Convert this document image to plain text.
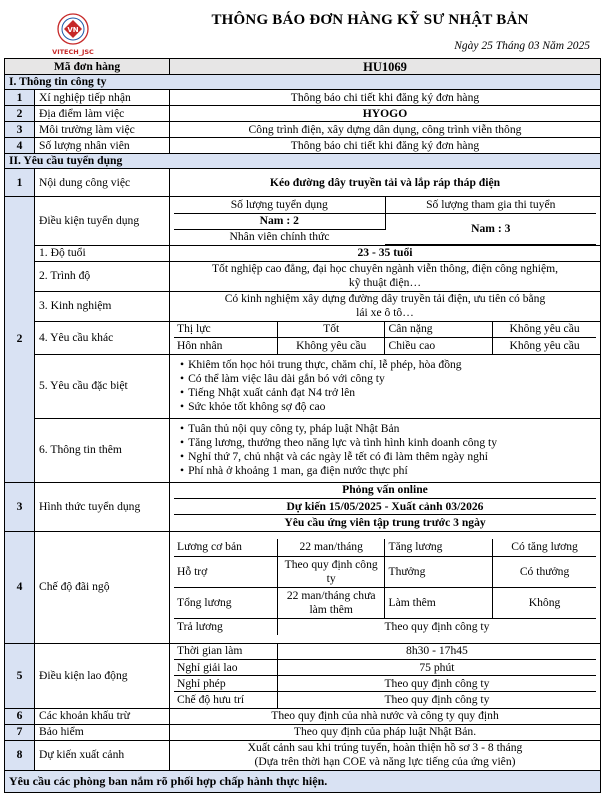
VN
VITECH_JSC
THÔNG BÁO ĐƠN HÀNG KỸ SƯ NHẬT BẢN
Ngày 25 Tháng 03 Năm 2025
Mã đơn hàng	HU1069
I. Thông tin công ty
1	Xí nghiệp tiếp nhận	Thông báo chi tiết khi đăng ký đơn hàng
2	Địa điểm làm việc	HYOGO
3	Môi trường làm việc	Công trình điện, xây dựng dân dụng, công trình viễn thông
4	Số lượng nhân viên	Thông báo chi tiết khi đăng ký đơn hàng
II. Yêu cầu tuyển dụng
1	Nội dung công việc	Kéo đường dây truyền tải và lắp ráp tháp điện
2	Điều kiện tuyển dụng	
Số lượng tuyển dụng	Số lượng tham gia thi tuyển
Nam : 2	Nam : 3
Nhân viên chính thức

1. Độ tuổi	23 - 35 tuổi
2. Trình độ	Tốt nghiệp cao đẳng, đại học chuyên ngành viễn thông, điện công nghiệm, kỹ thuật điện…
3. Kinh nghiệm	Có kinh nghiệm xây dựng đường dây truyền tải điện, ưu tiên có bằng lái xe ô tô…
4. Yêu cầu khác	
Thị lực	Tốt	Cân nặng	Không yêu cầu
Hôn nhân	Không yêu cầu	Chiều cao	Không yêu cầu

5. Yêu cầu đặc biệt	
• Khiêm tốn học hỏi trung thực, chăm chỉ, lễ phép, hòa đồng
• Có thể làm việc lâu dài gắn bó với công ty
• Tiếng Nhật xuất cảnh đạt N4 trở lên
• Sức khỏe tốt không sợ độ cao

6. Thông tin thêm	
• Tuân thủ nội quy công ty, pháp luật Nhật Bản
• Tăng lương, thưởng theo năng lực và tình hình kinh doanh công ty
• Nghỉ thứ 7, chủ nhật và các ngày lễ tết có đi làm thêm ngày nghỉ
• Phí nhà ở khoảng 1 man, ga điện nước thực phí

3	Hình thức tuyển dụng	
Phỏng vấn online
Dự kiến 15/05/2025 - Xuất cảnh 03/2026
Yêu cầu ứng viên tập trung trước 3 ngày

4	Chế độ đãi ngộ	
Lương cơ bản	22 man/tháng	Tăng lương	Có tăng lương
Hỗ trợ	Theo quy định công ty	Thưởng	Có thưởng
Tổng lương	22 man/tháng chưa làm thêm	Làm thêm	Không
Trả lương	Theo quy định công ty

5	Điều kiện lao động	
Thời gian làm	8h30 - 17h45
Nghỉ giải lao	75 phút
Nghỉ phép	Theo quy định công ty
Chế độ hưu trí	Theo quy định công ty

6	Các khoản khấu trừ	Theo quy định của nhà nước và công ty quy định
7	Bảo hiểm	Theo quy định của pháp luật Nhật Bản.
8	Dự kiến xuất cảnh	
Xuất cảnh sau khi trúng tuyển, hoàn thiện hồ sơ 3 - 8 tháng
(Dựa trên thời hạn COE và năng lực tiếng của ứng viên)

Yêu cầu các phòng ban nắm rõ phối hợp chấp hành thực hiện.
